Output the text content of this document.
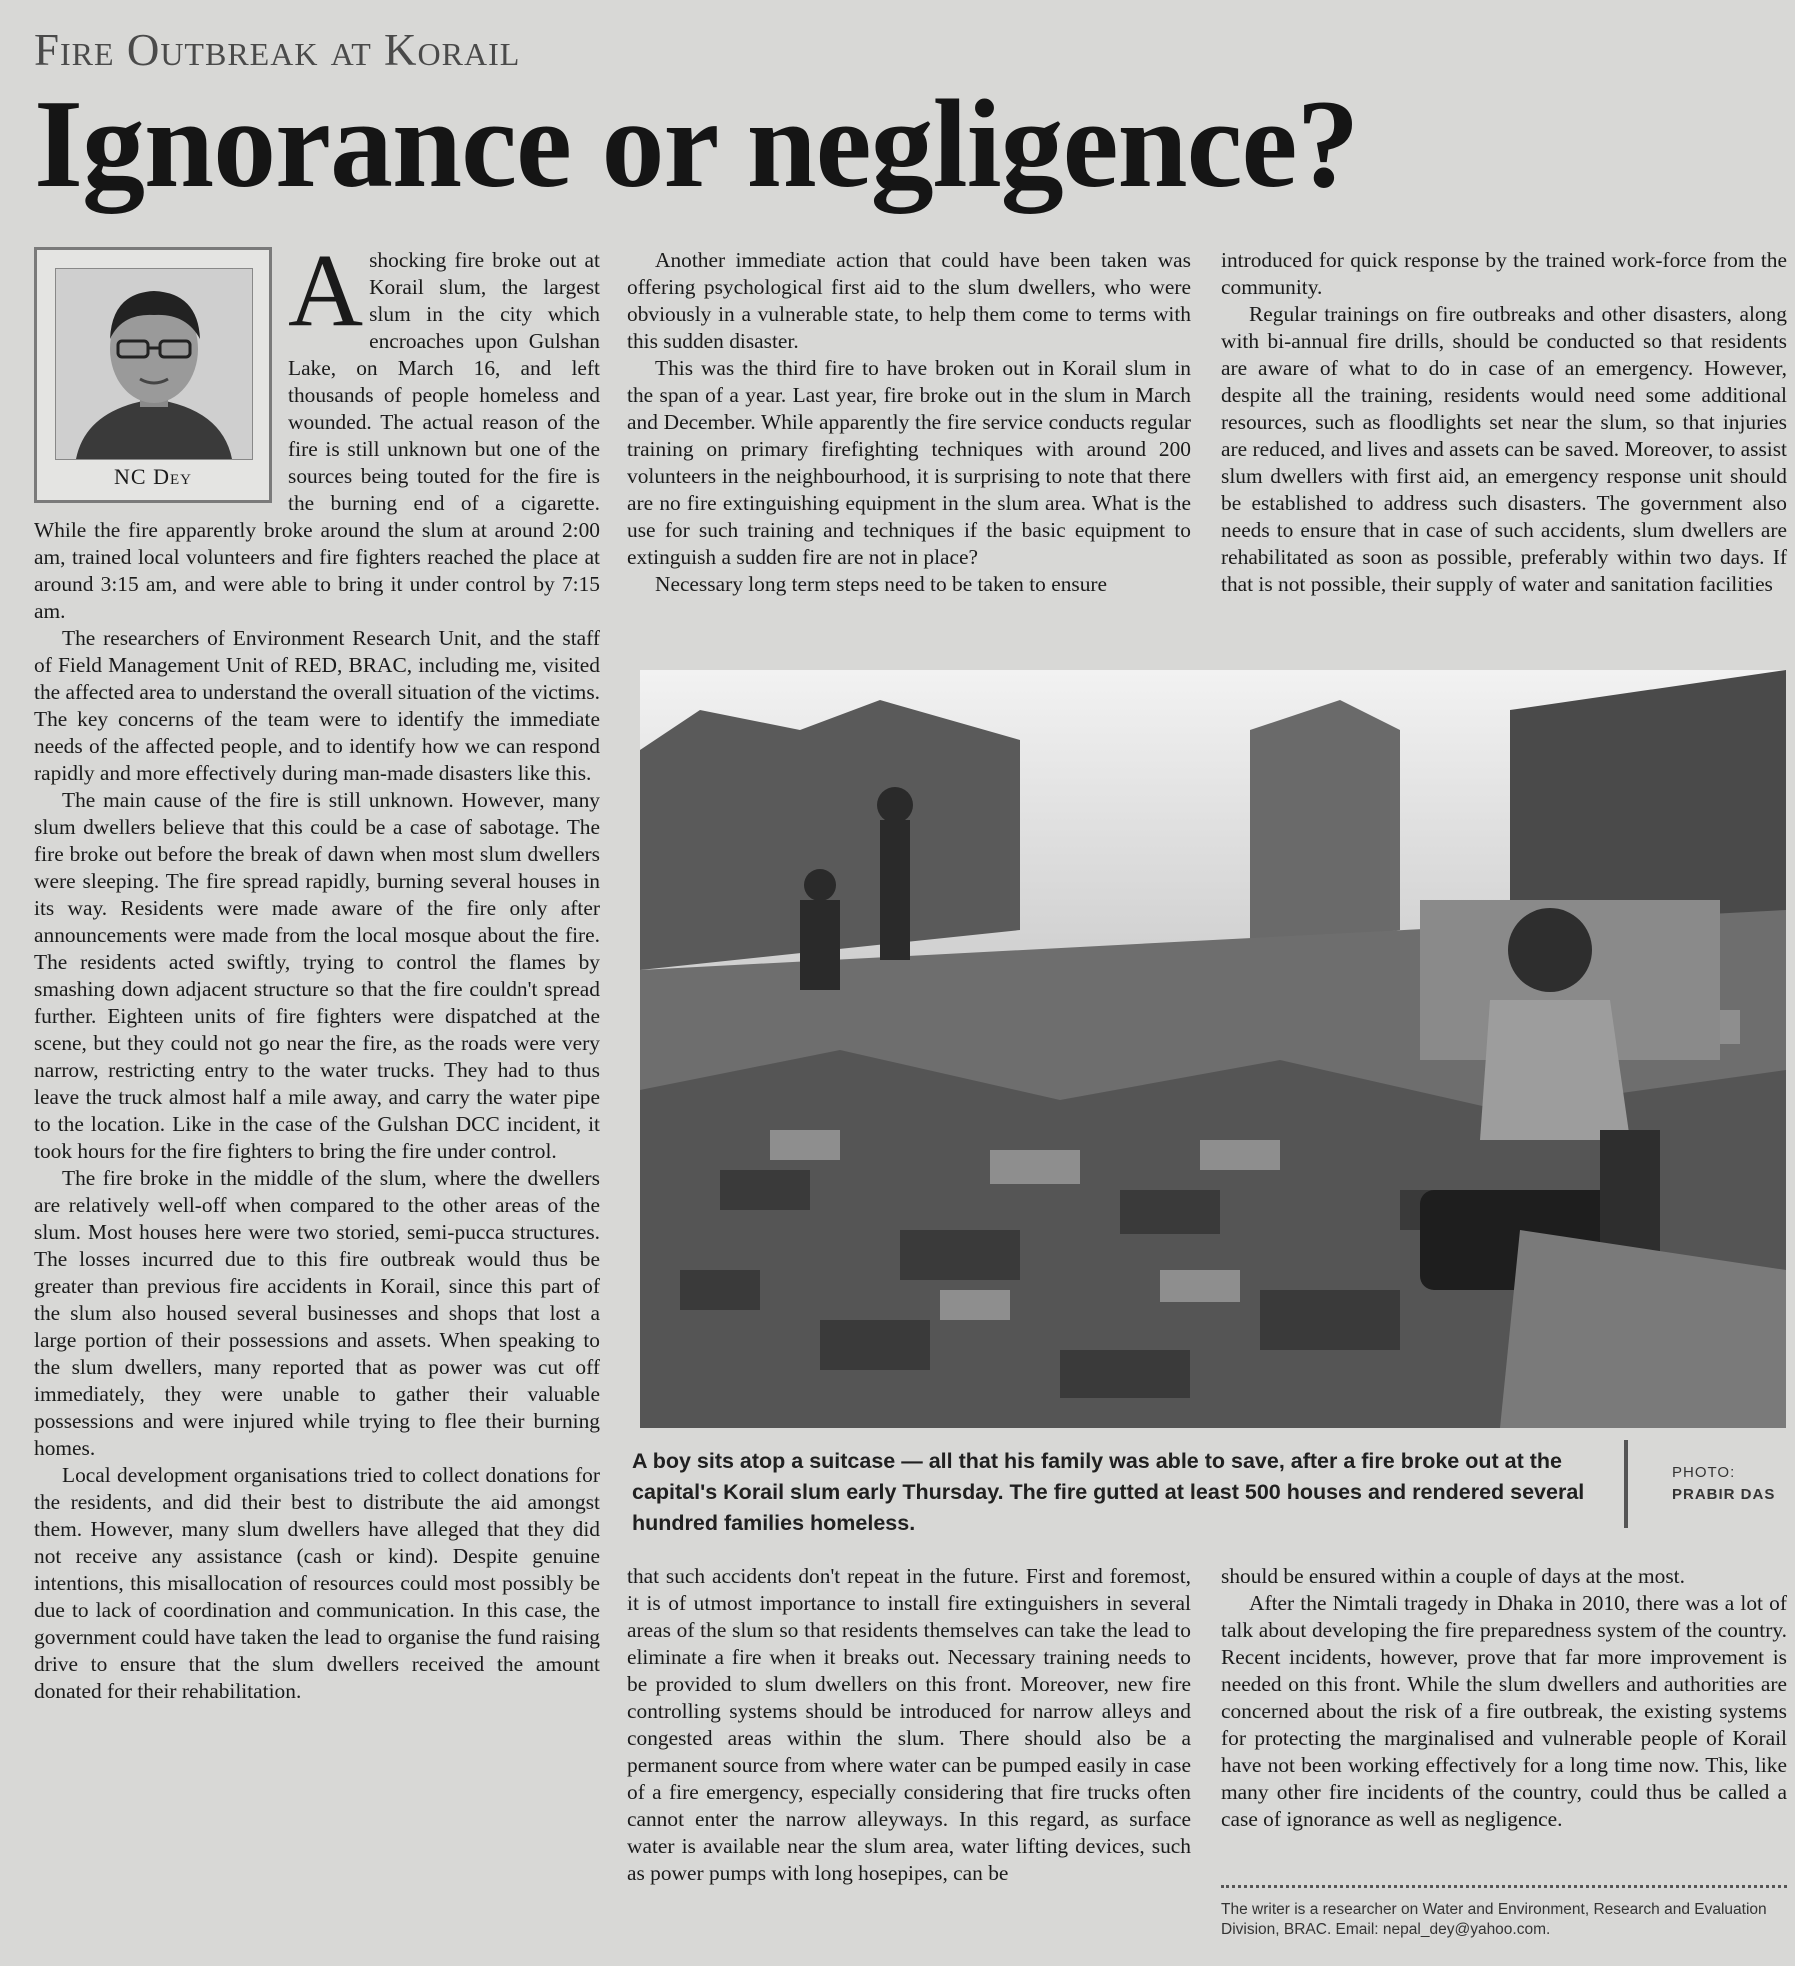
Fire Outbreak at Korail
Ignorance or negligence?
NC Dey
A shocking fire broke out at Korail slum, the largest slum in the city which encroaches upon Gulshan Lake, on March 16, and left thousands of people homeless and wounded. The actual reason of the fire is still unknown but one of the sources being touted for the fire is the burning end of a cigarette. While the fire apparently broke around the slum at around 2:00 am, trained local volunteers and fire fighters reached the place at around 3:15 am, and were able to bring it under control by 7:15 am.

The researchers of Environment Research Unit, and the staff of Field Management Unit of RED, BRAC, including me, visited the affected area to understand the overall situation of the victims. The key concerns of the team were to identify the immediate needs of the affected people, and to identify how we can respond rapidly and more effectively during man-made disasters like this.

The main cause of the fire is still unknown. However, many slum dwellers believe that this could be a case of sabotage. The fire broke out before the break of dawn when most slum dwellers were sleeping. The fire spread rapidly, burning several houses in its way. Residents were made aware of the fire only after announcements were made from the local mosque about the fire. The residents acted swiftly, trying to control the flames by smashing down adjacent structure so that the fire couldn't spread further. Eighteen units of fire fighters were dispatched at the scene, but they could not go near the fire, as the roads were very narrow, restricting entry to the water trucks. They had to thus leave the truck almost half a mile away, and carry the water pipe to the location. Like in the case of the Gulshan DCC incident, it took hours for the fire fighters to bring the fire under control.

The fire broke in the middle of the slum, where the dwellers are relatively well-off when compared to the other areas of the slum. Most houses here were two storied, semi-pucca structures. The losses incurred due to this fire outbreak would thus be greater than previous fire accidents in Korail, since this part of the slum also housed several businesses and shops that lost a large portion of their possessions and assets. When speaking to the slum dwellers, many reported that as power was cut off immediately, they were unable to gather their valuable possessions and were injured while trying to flee their burning homes.

Local development organisations tried to collect donations for the residents, and did their best to distribute the aid amongst them. However, many slum dwellers have alleged that they did not receive any assistance (cash or kind). Despite genuine intentions, this misallocation of resources could most possibly be due to lack of coordination and communication. In this case, the government could have taken the lead to organise the fund raising drive to ensure that the slum dwellers received the amount donated for their rehabilitation.

Another immediate action that could have been taken was offering psychological first aid to the slum dwellers, who were obviously in a vulnerable state, to help them come to terms with this sudden disaster.

This was the third fire to have broken out in Korail slum in the span of a year. Last year, fire broke out in the slum in March and December. While apparently the fire service conducts regular training on primary firefighting techniques with around 200 volunteers in the neighbourhood, it is surprising to note that there are no fire extinguishing equipment in the slum area. What is the use for such training and techniques if the basic equipment to extinguish a sudden fire are not in place?

Necessary long term steps need to be taken to ensure

introduced for quick response by the trained work-force from the community.

Regular trainings on fire outbreaks and other disasters, along with bi-annual fire drills, should be conducted so that residents are aware of what to do in case of an emergency. However, despite all the training, residents would need some additional resources, such as floodlights set near the slum, so that injuries are reduced, and lives and assets can be saved. Moreover, to assist slum dwellers with first aid, an emergency response unit should be established to address such disasters. The government also needs to ensure that in case of such accidents, slum dwellers are rehabilitated as soon as possible, preferably within two days. If that is not possible, their supply of water and sanitation facilities

A boy sits atop a suitcase — all that his family was able to save, after a fire broke out at the capital's Korail slum early Thursday. The fire gutted at least 500 houses and rendered several hundred families homeless.
PHOTO:
PRABIR DAS

that such accidents don't repeat in the future. First and foremost, it is of utmost importance to install fire extinguishers in several areas of the slum so that residents themselves can take the lead to eliminate a fire when it breaks out. Necessary training needs to be provided to slum dwellers on this front. Moreover, new fire controlling systems should be introduced for narrow alleys and congested areas within the slum. There should also be a permanent source from where water can be pumped easily in case of a fire emergency, especially considering that fire trucks often cannot enter the narrow alleyways. In this regard, as surface water is available near the slum area, water lifting devices, such as power pumps with long hosepipes, can be

should be ensured within a couple of days at the most.

After the Nimtali tragedy in Dhaka in 2010, there was a lot of talk about developing the fire preparedness system of the country. Recent incidents, however, prove that far more improvement is needed on this front. While the slum dwellers and authorities are concerned about the risk of a fire outbreak, the existing systems for protecting the marginalised and vulnerable people of Korail have not been working effectively for a long time now. This, like many other fire incidents of the country, could thus be called a case of ignorance as well as negligence.

The writer is a researcher on Water and Environment, Research and Evaluation Division, BRAC. Email: nepal_dey@yahoo.com.
